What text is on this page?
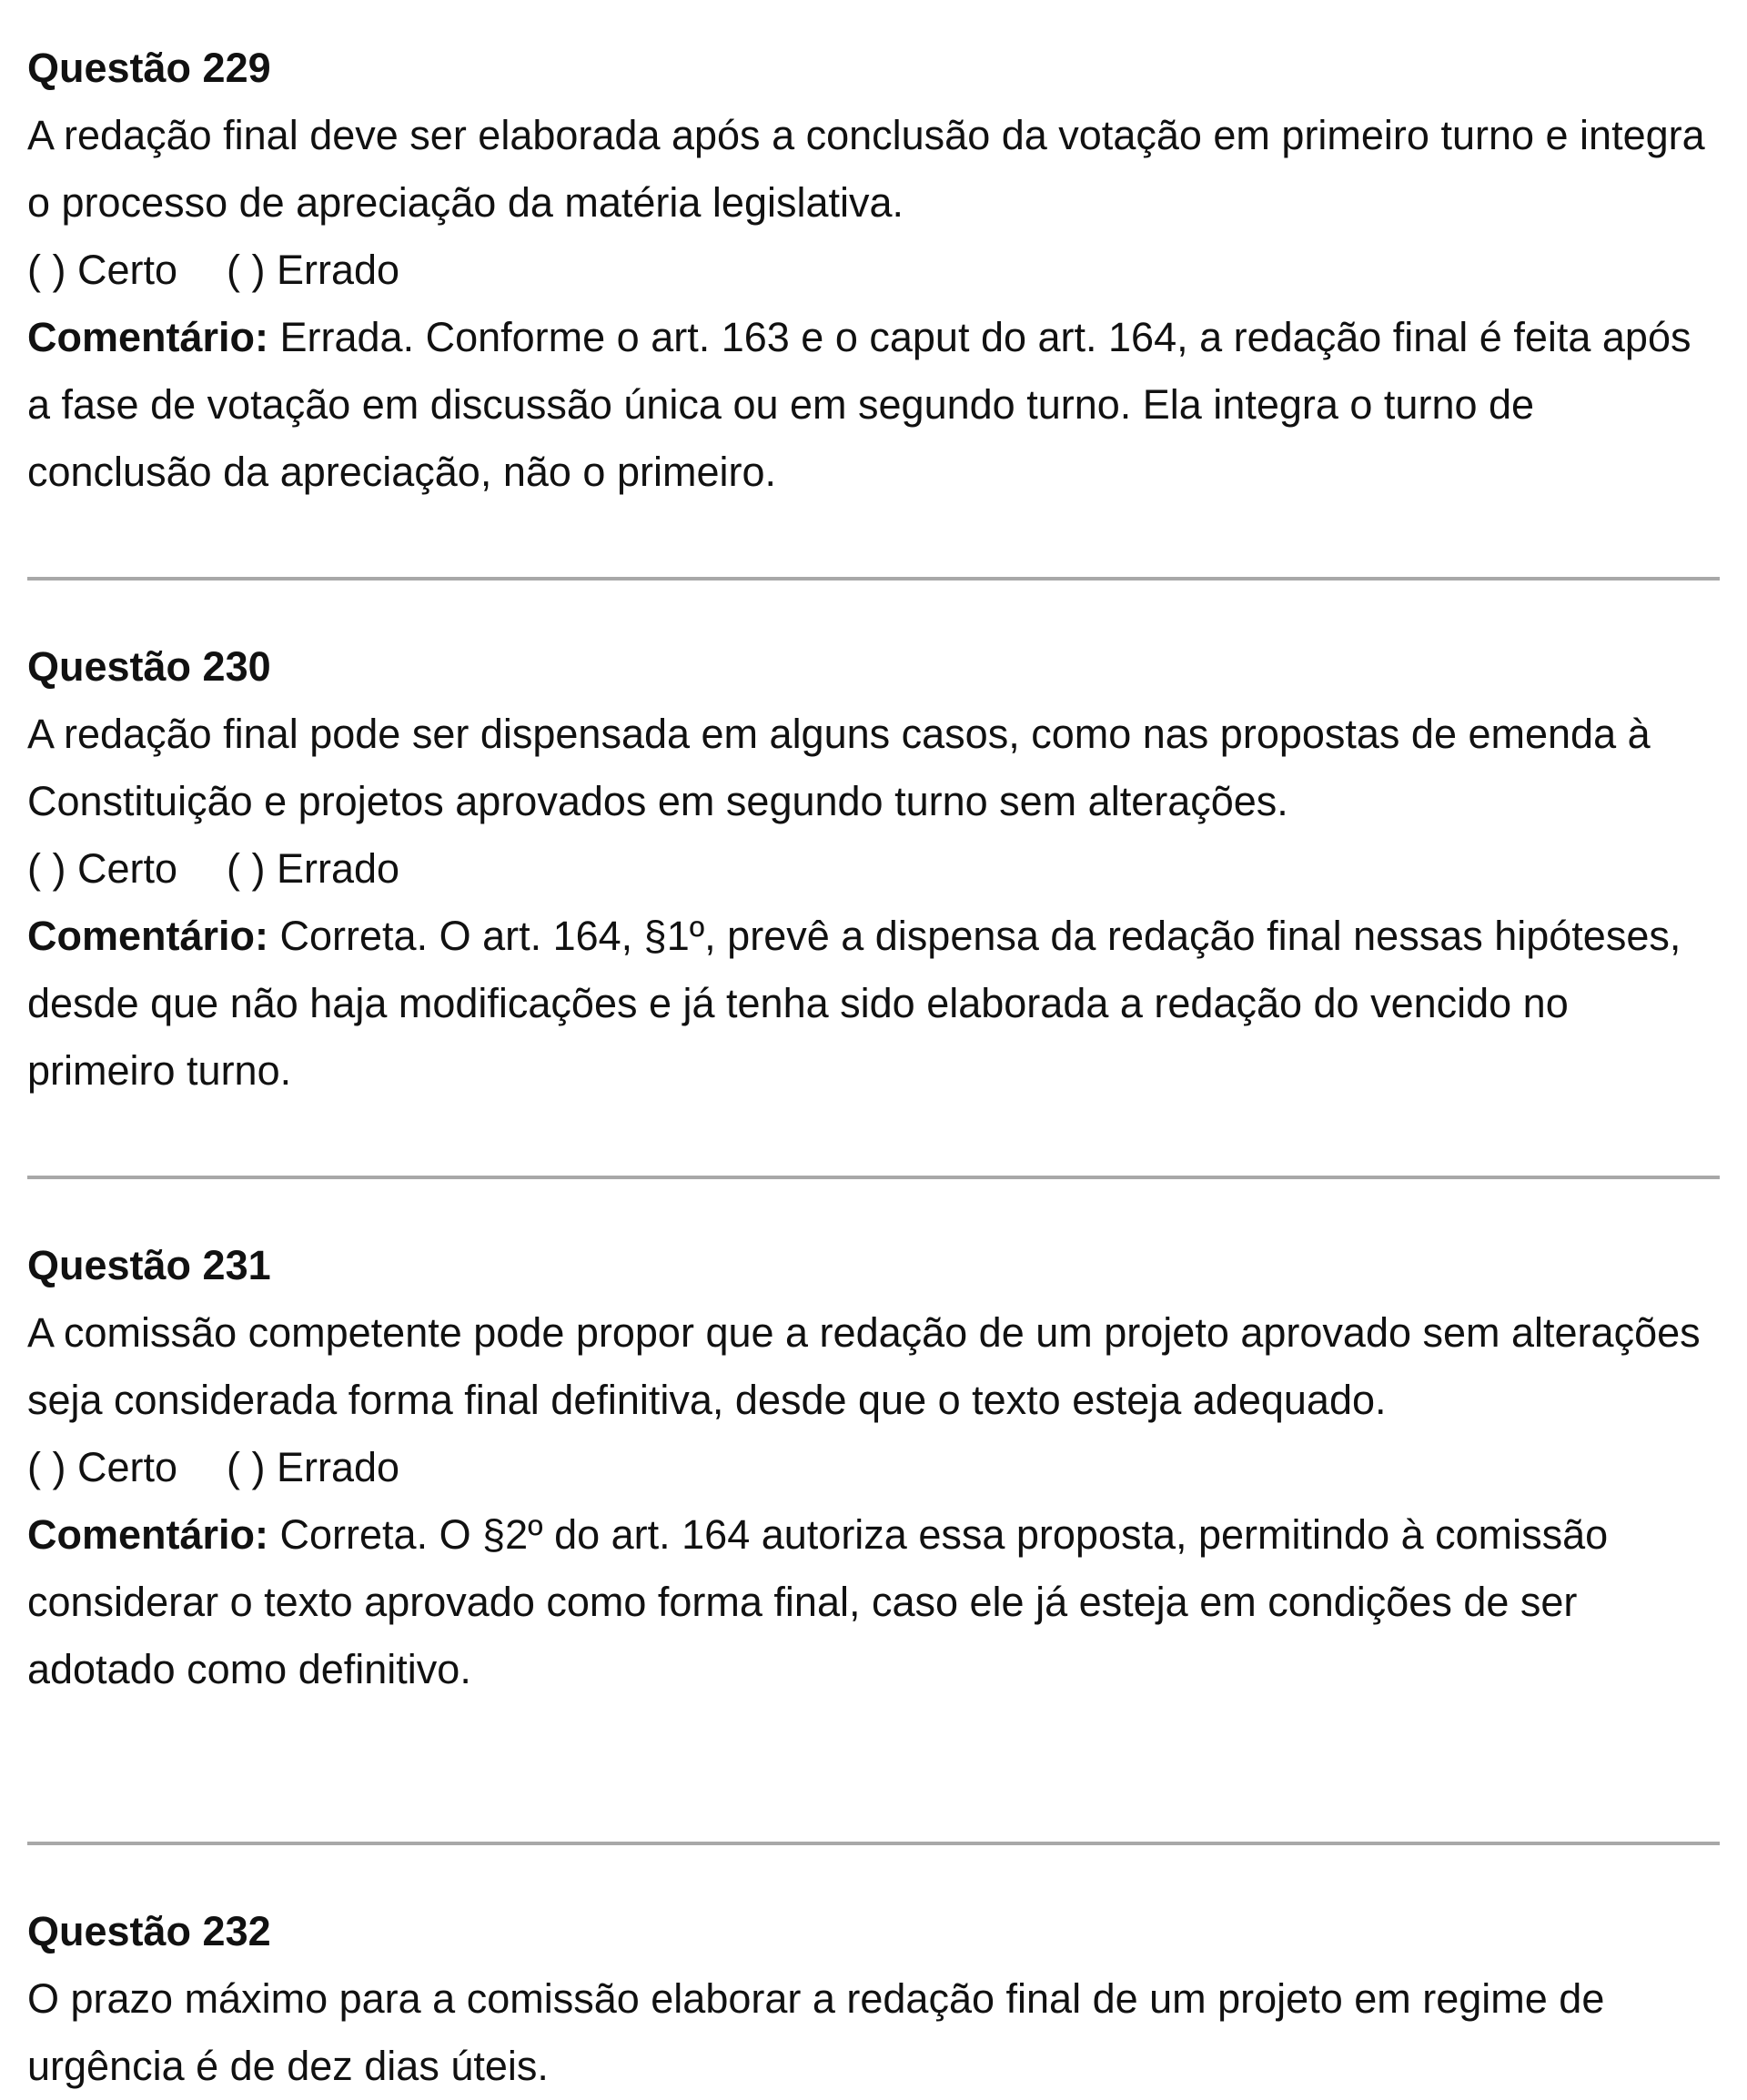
Questão 229

A redação final deve ser elaborada após a conclusão da votação em primeiro turno e integra o processo de apreciação da matéria legislativa.

( ) Certo ( ) Errado

Comentário: Errada. Conforme o art. 163 e o caput do art. 164, a redação final é feita após a fase de votação em discussão única ou em segundo turno. Ela integra o turno de conclusão da apreciação, não o primeiro.

Questão 230

A redação final pode ser dispensada em alguns casos, como nas propostas de emenda à Constituição e projetos aprovados em segundo turno sem alterações.

( ) Certo ( ) Errado

Comentário: Correta. O art. 164, §1º, prevê a dispensa da redação final nessas hipóteses, desde que não haja modificações e já tenha sido elaborada a redação do vencido no primeiro turno.

Questão 231

A comissão competente pode propor que a redação de um projeto aprovado sem alterações seja considerada forma final definitiva, desde que o texto esteja adequado.

( ) Certo ( ) Errado

Comentário: Correta. O §2º do art. 164 autoriza essa proposta, permitindo à comissão considerar o texto aprovado como forma final, caso ele já esteja em condições de ser adotado como definitivo.

Questão 232

O prazo máximo para a comissão elaborar a redação final de um projeto em regime de urgência é de dez dias úteis.
